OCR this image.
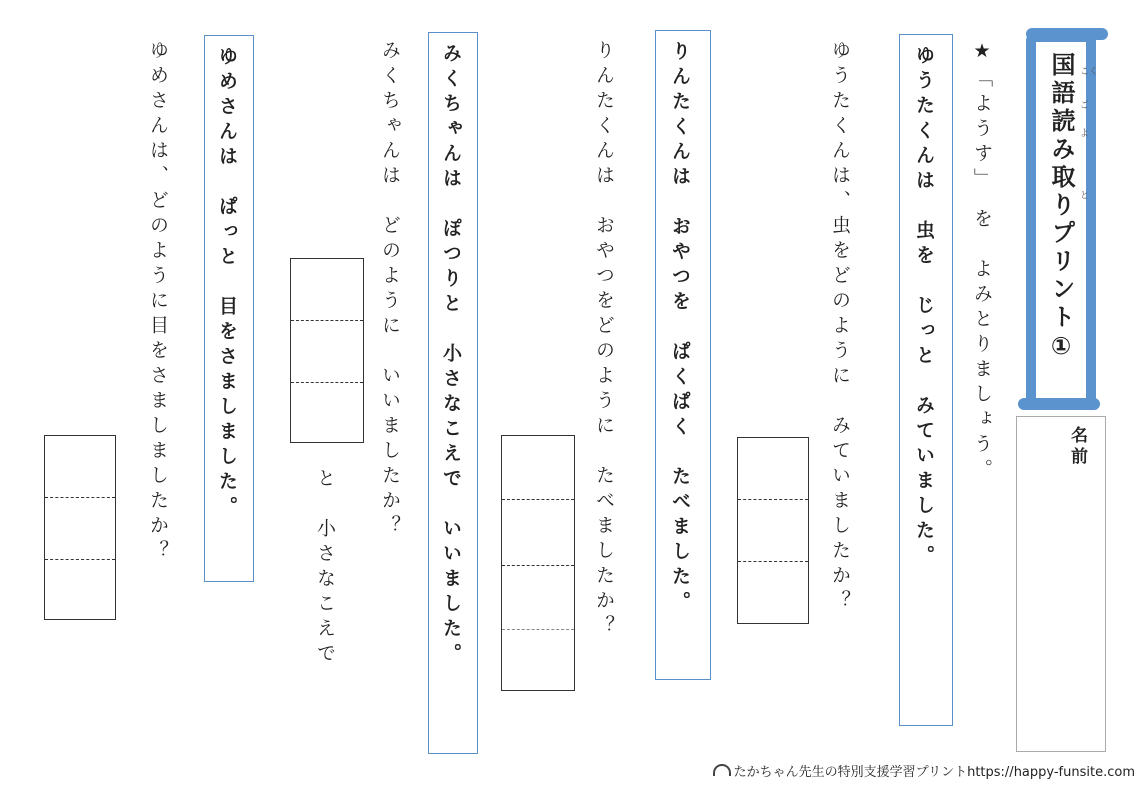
国語読み取りプリント① こく
ご
よ
と
名前
★「ようす」　を　よみとりましょう。
ゆうたくんは　虫を　じっと　みていました。
ゆうたくんは、虫をどのように　みていましたか？
りんたくんは　おやつを　ぱくぱく　たべました。
りんたくんは　おやつをどのように　たべましたか？
みくちゃんは　ぽつりと　小さなこえで　いいました。
みくちゃんは　どのように　いいましたか？
と　小さなこえで
ゆめさんは　ぱっと　目をさましました。
ゆめさんは、どのように目をさましましたか？
たかちゃん先生の特別支援学習プリントhttps://happy-funsite.com
